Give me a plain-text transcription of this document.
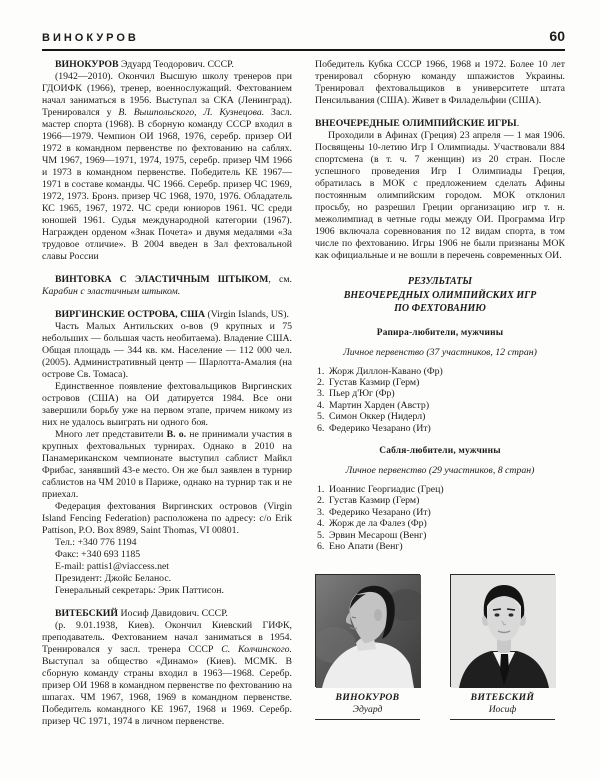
ВИНОКУРОВ	60

ВИНОКУРОВ Эдуард Теодорович. СССР.

(1942—2010). Окончил Высшую школу тренеров при ГДОИФК (1966), тренер, военнослужащий. Фехтованием начал заниматься в 1956. Выступал за СКА (Ленинград). Тренировался у В. Вышпольского, Л. Кузнецова. Засл. мастер спорта (1968). В сборную команду СССР входил в 1966—1979. Чемпион ОИ 1968, 1976, серебр. призер ОИ 1972 в командном первенстве по фехтованию на саблях. ЧМ 1967, 1969—1971, 1974, 1975, серебр. призер ЧМ 1966 и 1973 в командном первенстве. Победитель КЕ 1967—1971 в составе команды. ЧС 1966. Серебр. призер ЧС 1969, 1972, 1973. Бронз. призер ЧС 1968, 1970, 1976. Обладатель КС 1965, 1967, 1972. ЧС среди юниоров 1961. ЧС среди юношей 1961. Судья международной категории (1967). Награжден орденом «Знак Почета» и двумя медалями «За трудовое отличие». В 2004 введен в Зал фехтовальной славы России

ВИНТОВКА С ЭЛАСТИЧНЫМ ШТЫКОМ, см. Карабин с эластичным штыком.

ВИРГИНСКИЕ ОСТРОВА, США (Virgin Islands, US).

Часть Малых Антильских о-вов (9 крупных и 75 небольших — большая часть необитаема). Владение США. Общая площадь — 344 кв. км. Население — 112 000 чел. (2005). Административный центр — Шарлотта-Амалия (на острове Св. Томаса).

Единственное появление фехтовальщиков Виргинских островов (США) на ОИ датируется 1984. Все они завершили борьбу уже на первом этапе, причем никому из них не удалось выиграть ни одного боя.

Много лет представители В. о. не принимали участия в крупных фехтовальных турнирах. Однако в 2010 на Панамериканском чемпионате выступил саблист Майкл Фрибас, занявший 43-е место. Он же был заявлен в турнир саблистов на ЧМ 2010 в Париже, однако на турнир так и не приехал.

Федерация фехтования Виргинских островов (Virgin Island Fencing Federation) расположена по адресу: c/o Erik Pattison, P.O. Box 8989, Saint Thomas, VI 00801.

Тел.: +340 776 1194
Факс: +340 693 1185
E-mail: pattis1@viaccess.net
Президент: Джойс Беланос.
Генеральный секретарь: Эрик Паттисон.

ВИТЕБСКИЙ Иосиф Давидович. СССР.

(р. 9.01.1938, Киев). Окончил Киевский ГИФК, преподаватель. Фехтованием начал заниматься в 1954. Тренировался у засл. тренера СССР С. Колчинского. Выступал за общество «Динамо» (Киев). МСМК. В сборную команду страны входил в 1963—1968. Серебр. призер ОИ 1968 в командном первенстве по фехтованию на шпагах. ЧМ 1967, 1968, 1969 в командном первенстве. Победитель командного КЕ 1967, 1968 и 1969. Серебр. призер ЧС 1971, 1974 в личном первенстве.

Победитель Кубка СССР 1966, 1968 и 1972. Более 10 лет тренировал сборную команду шпажистов Украины. Тренировал фехтовальщиков в университете штата Пенсильвания (США). Живет в Филадельфии (США).

ВНЕОЧЕРЕДНЫЕ ОЛИМПИЙСКИЕ ИГРЫ.

Проходили в Афинах (Греция) 23 апреля — 1 мая 1906. Посвящены 10-летию Игр I Олимпиады. Участвовали 884 спортсмена (в т. ч. 7 женщин) из 20 стран. После успешного проведения Игр I Олимпиады Греция, обратилась в МОК с предложением сделать Афины постоянным олимпийским городом. МОК отклонил просьбу, но разрешил Греции организацию игр т. н. межолимпиад в четные годы между ОИ. Программа Игр 1906 включала соревнования по 12 видам спорта, в том числе по фехтованию. Игры 1906 не были признаны МОК как официальные и не вошли в перечень современных ОИ.

РЕЗУЛЬТАТЫ
ВНЕОЧЕРЕДНЫХ ОЛИМПИЙСКИХ ИГР
ПО ФЕХТОВАНИЮ
Рапира-любители, мужчины
Личное первенство (37 участников, 12 стран)
1. Жорж Диллон-Кавано (Фр)
2. Густав Казмир (Герм)
3. Пьер д'Юг (Фр)
4. Мартин Харден (Австр)
5. Симон Оккер (Нидерл)
6. Федерико Чезарано (Ит)
Сабля-любители, мужчины
Личное первенство (29 участников, 8 стран)
1. Иоаннис Георгиадис (Грец)
2. Густав Казмир (Герм)
3. Федерико Чезарано (Ит)
4. Жорж де ла Фалез (Фр)
5. Эрвин Месарош (Венг)
6. Ено Апати (Венг)
ВИНОКУРОВ
Эдуард
ВИТЕБСКИЙ
Иосиф
